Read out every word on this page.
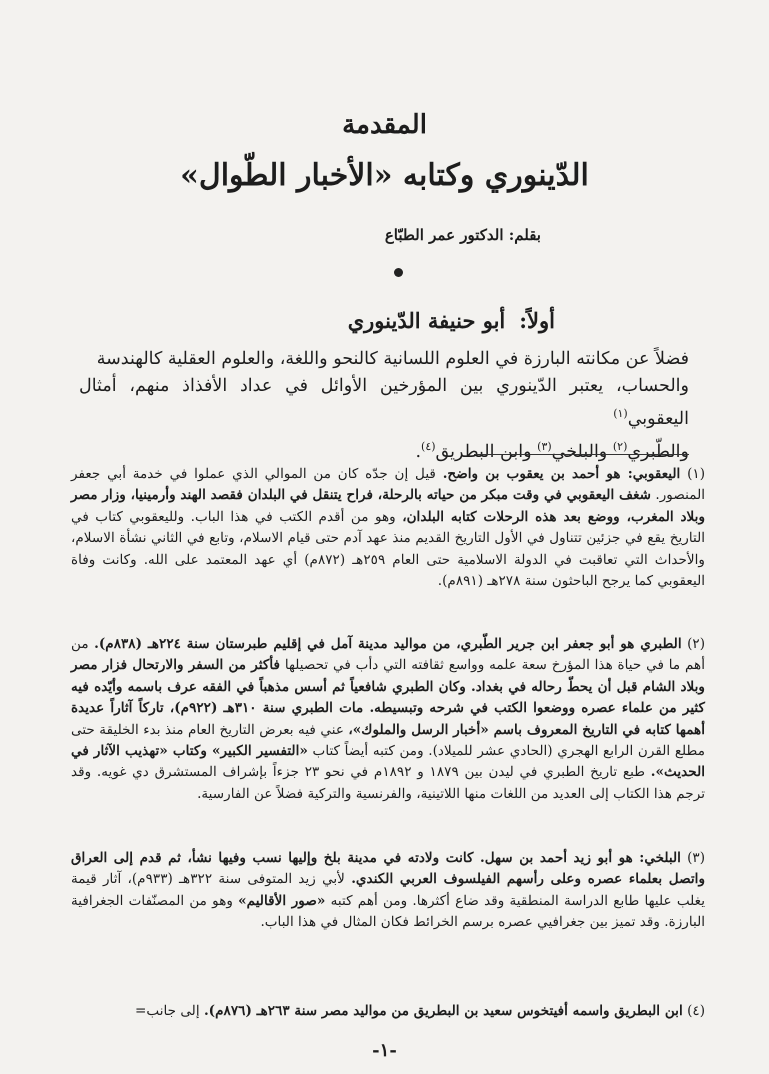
المقدمة
الدّينوري وكتابه «الأخبار الطّوال»
بقلم: الدكتور عمر الطبّاع
أولاً:أبو حنيفة الدّينوري

فضلاً عن مكانته البارزة في العلوم اللسانية كالنحو واللغة، والعلوم العقلية كالهندسة

والحساب، يعتبر الدّينوري بين المؤرخين الأوائل في عداد الأفذاذ منهم، أمثال اليعقوبي$^{(١)}$

والطّبري$^{(٢)}$ والبلخي$^{(٣)}$ وابن البطريق$^{(٤)}$.

(١) اليعقوبي: هو أحمد بن يعقوب بن واضح. قيل إن جدّه كان من الموالي الذي عملوا في خدمة أبي جعفر المنصور. شغف اليعقوبي في وقت مبكر من حياته بالرحلة، فراح يتنقل في البلدان فقصد الهند وأرمينيا، وزار مصر وبلاد المغرب، ووضع بعد هذه الرحلات كتابه البلدان، وهو من أقدم الكتب في هذا الباب. ولليعقوبي كتاب في التاريخ يقع في جزئين تتناول في الأول التاريخ القديم منذ عهد آدم حتى قيام الاسلام، وتابع في الثاني نشأة الاسلام، والأحداث التي تعاقبت في الدولة الاسلامية حتى العام ٢٥٩هـ (٨٧٢م) أي عهد المعتمد على الله. وكانت وفاة اليعقوبي كما يرجح الباحثون سنة ٢٧٨هـ (٨٩١م).

(٢) الطبري هو أبو جعفر ابن جرير الطّبري، من مواليد مدينة آمل في إقليم طبرستان سنة ٢٢٤هـ (٨٣٨م). من أهم ما في حياة هذا المؤرخ سعة علمه وواسع ثقافته التي دأب في تحصيلها فأكثر من السفر والارتحال فزار مصر وبلاد الشام قبل أن يحطّ رحاله في بغداد. وكان الطبري شافعياً ثم أسس مذهباً في الفقه عرف باسمه وأيّده فيه كثير من علماء عصره ووضعوا الكتب في شرحه وتبسيطه. مات الطبري سنة ٣١٠هـ (٩٢٢م)، تاركاً آثاراً عديدة أهمها كتابه في التاريخ المعروف باسم «أخبار الرسل والملوك»، عني فيه بعرض التاريخ العام منذ بدء الخليقة حتى مطلع القرن الرابع الهجري (الحادي عشر للميلاد). ومن كتبه أيضاً كتاب «التفسير الكبير» وكتاب «تهذيب الآثار في الحديث». طبع تاريخ الطبري في ليدن بين ١٨٧٩ و ١٨٩٢م في نحو ٢٣ جزءاً بإشراف المستشرق دي غويه. وقد ترجم هذا الكتاب إلى العديد من اللغات منها اللاتينية، والفرنسية والتركية فضلاً عن الفارسية.

(٣) البلخي: هو أبو زيد أحمد بن سهل. كانت ولادته في مدينة بلخ وإليها نسب وفيها نشأ، ثم قدم إلى العراق واتصل بعلماء عصره وعلى رأسهم الفيلسوف العربي الكندي. لأبي زيد المتوفى سنة ٣٢٢هـ (٩٣٣م)، آثار قيمة يغلب عليها طابع الدراسة المنطقية وقد ضاع أكثرها. ومن أهم كتبه «صور الأقاليم» وهو من المصنّفات الجغرافية البارزة. وقد تميز بين جغرافيي عصره برسم الخرائط فكان المثال في هذا الباب.

(٤) ابن البطريق واسمه أفيتخوس سعيد بن البطريق من مواليد مصر سنة ٢٦٣هـ (٨٧٦م). إلى جانب=

-١-
